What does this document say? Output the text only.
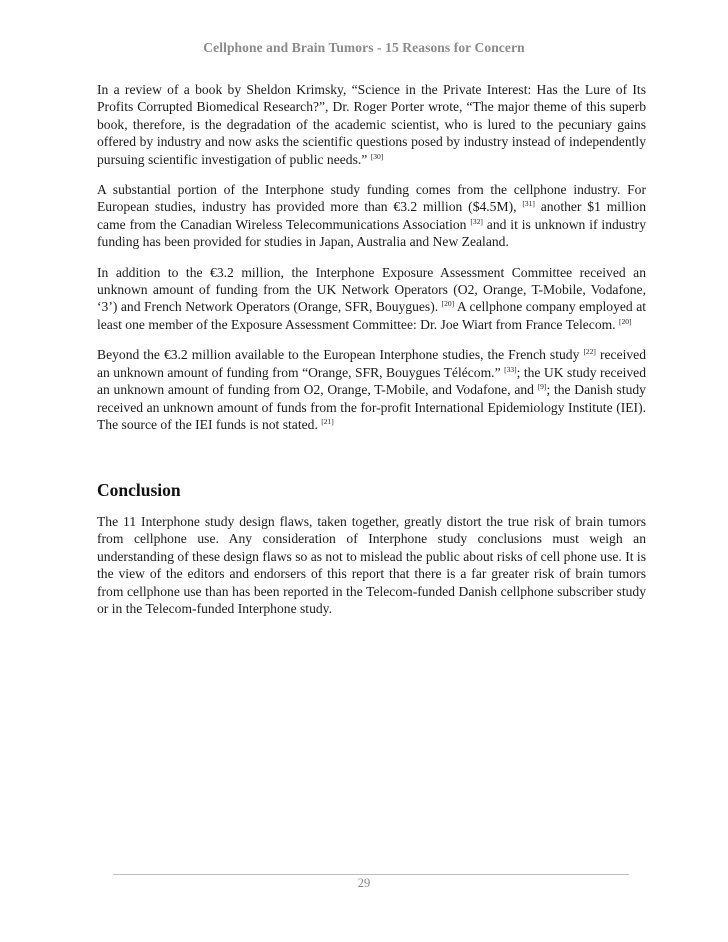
Cellphone and Brain Tumors - 15 Reasons for Concern

In a review of a book by Sheldon Krimsky, “Science in the Private Interest: Has the Lure of Its Profits Corrupted Biomedical Research?”, Dr. Roger Porter wrote, “The major theme of this superb book, therefore, is the degradation of the academic scientist, who is lured to the pecuniary gains offered by industry and now asks the scientific questions posed by industry instead of independently pursuing scientific investigation of public needs.” [30]

A substantial portion of the Interphone study funding comes from the cellphone industry. For European studies, industry has provided more than €3.2 million ($4.5M), [31] another $1 million came from the Canadian Wireless Telecommunications Association [32] and it is unknown if industry funding has been provided for studies in Japan, Australia and New Zealand.

In addition to the €3.2 million, the Interphone Exposure Assessment Committee received an unknown amount of funding from the UK Network Operators (O2, Orange, T-Mobile, Vodafone, ‘3’) and French Network Operators (Orange, SFR, Bouygues). [20] A cellphone company employed at least one member of the Exposure Assessment Committee: Dr. Joe Wiart from France Telecom. [20]

Beyond the €3.2 million available to the European Interphone studies, the French study [22] received an unknown amount of funding from “Orange, SFR, Bouygues Télécom.” [33]; the UK study received an unknown amount of funding from O2, Orange, T-Mobile, and Vodafone, and [9]; the Danish study received an unknown amount of funds from the for-profit International Epidemiology Institute (IEI). The source of the IEI funds is not stated. [21]

Conclusion

The 11 Interphone study design flaws, taken together, greatly distort the true risk of brain tumors from cellphone use. Any consideration of Interphone study conclusions must weigh an understanding of these design flaws so as not to mislead the public about risks of cell phone use. It is the view of the editors and endorsers of this report that there is a far greater risk of brain tumors from cellphone use than has been reported in the Telecom-funded Danish cellphone subscriber study or in the Telecom-funded Interphone study.

29
